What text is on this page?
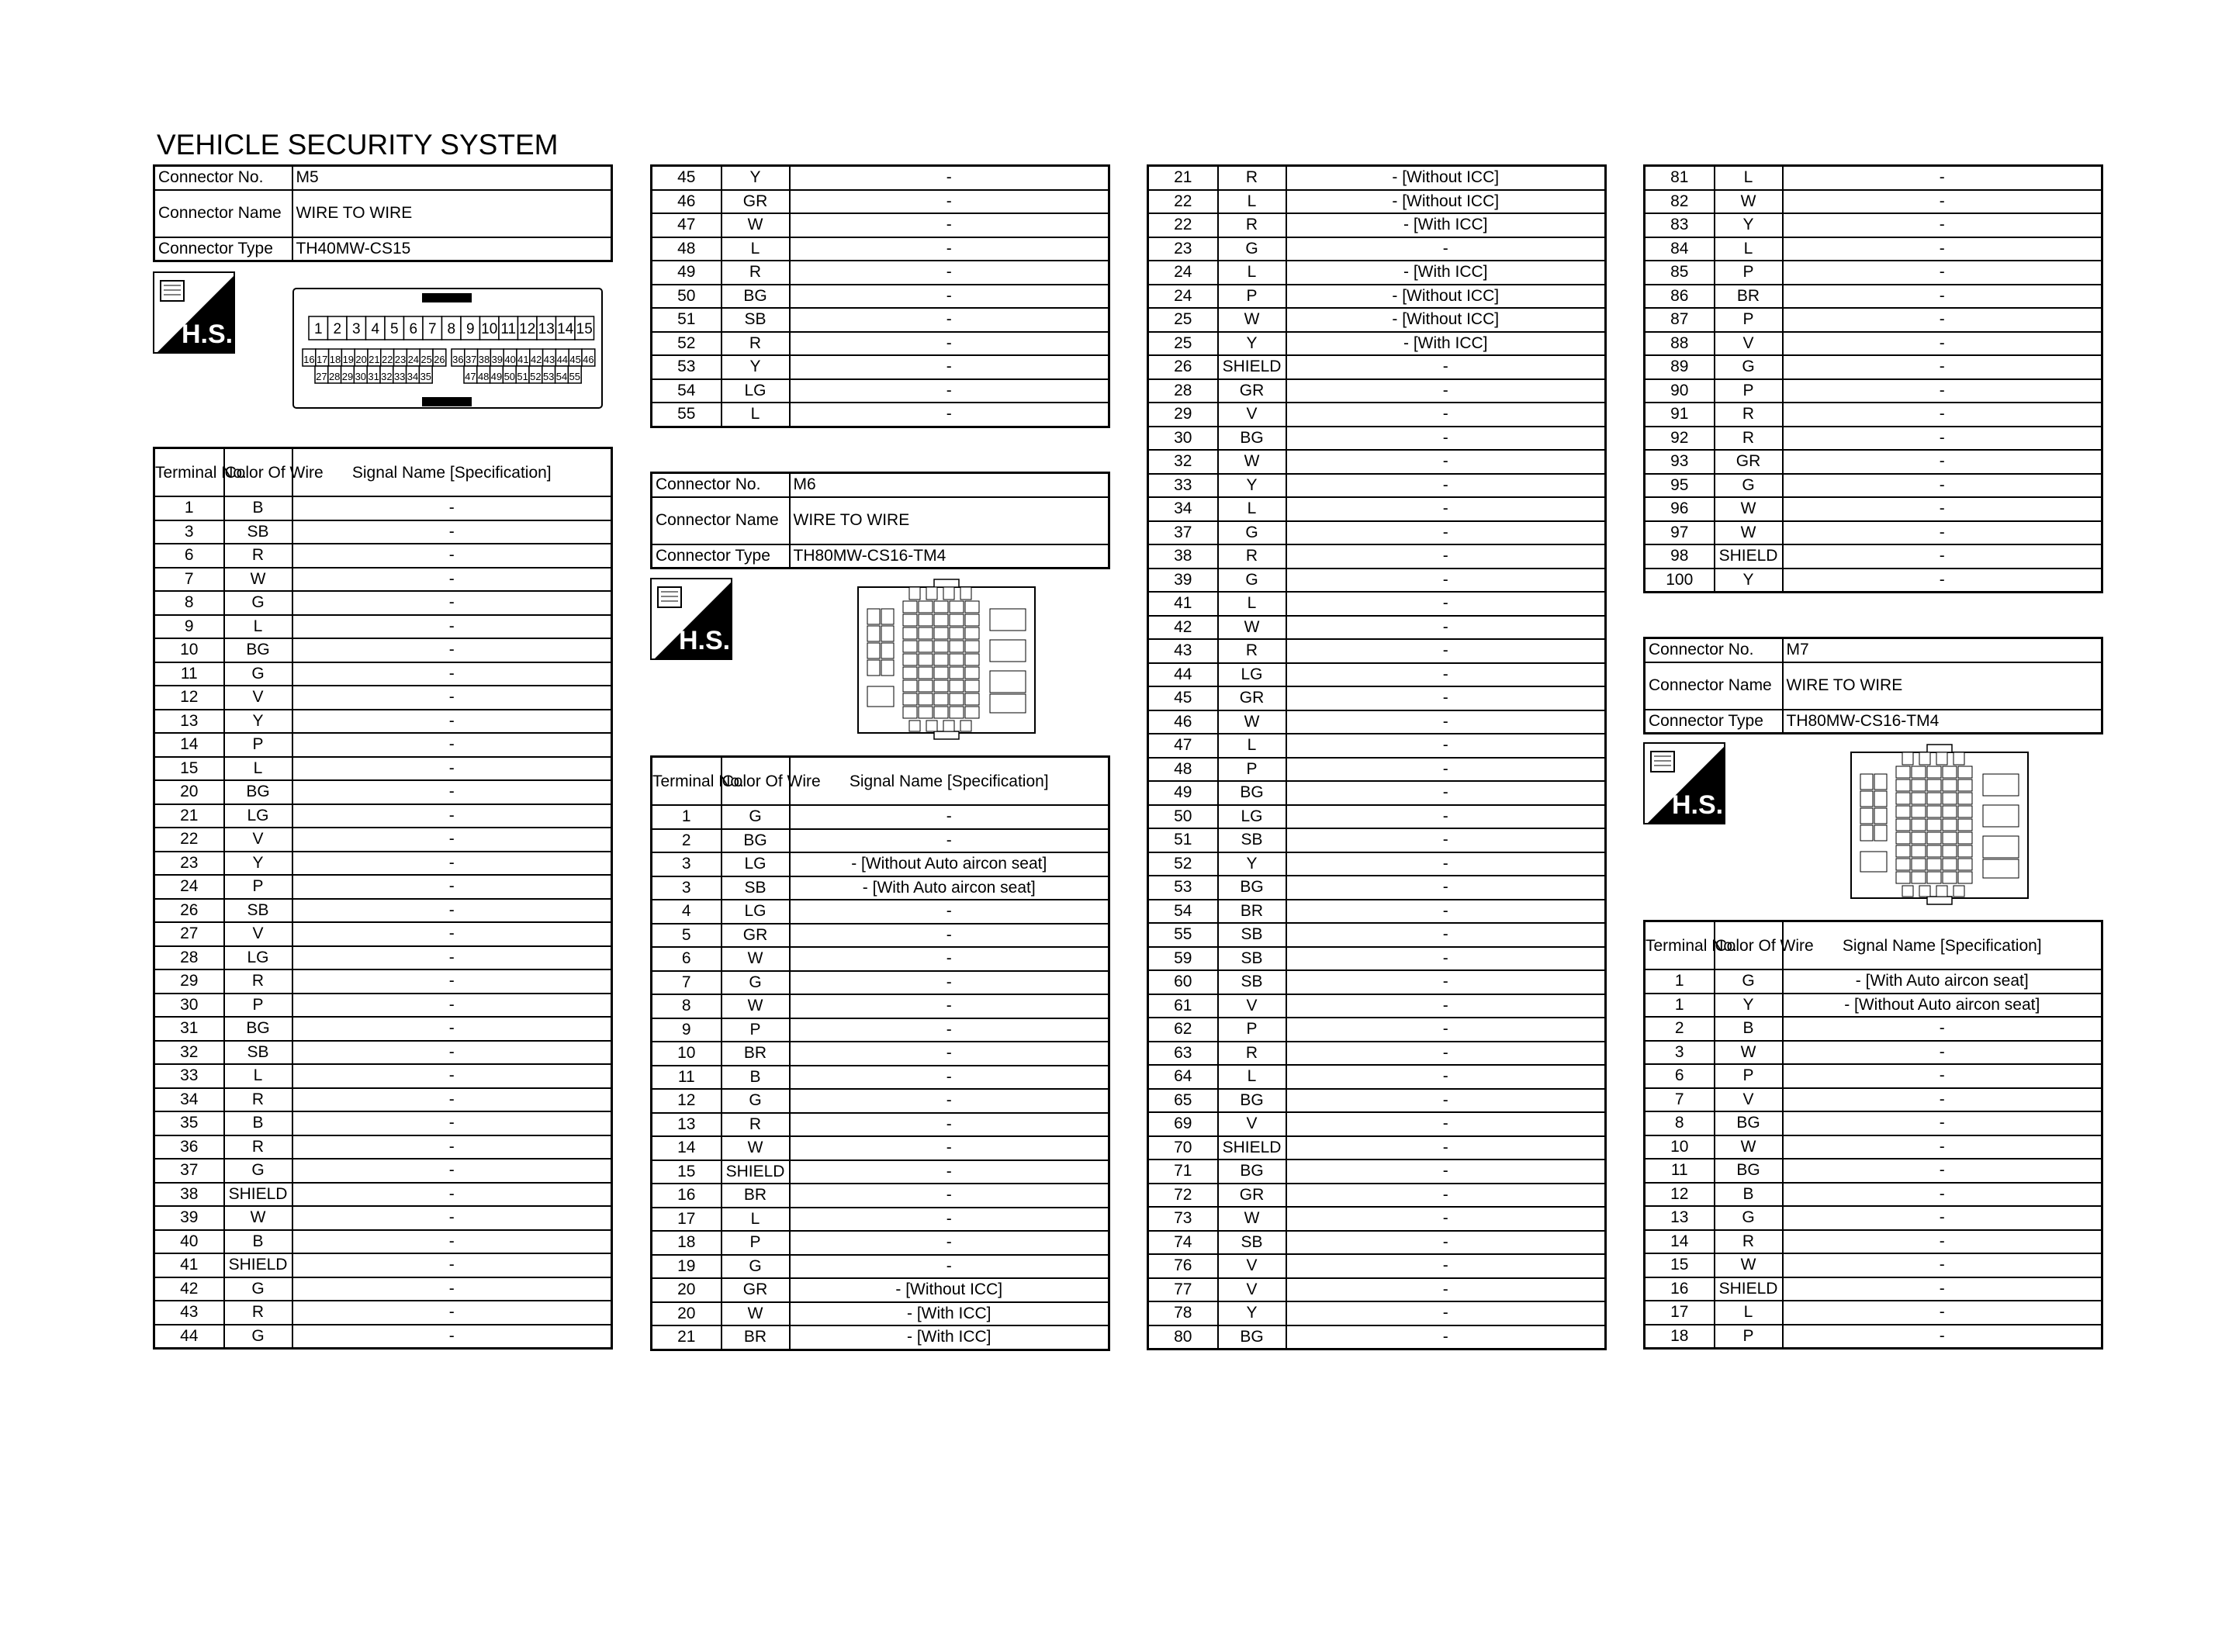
VEHICLE SECURITY SYSTEM
Connector No.	M5
Connector Name	WIRE TO WIRE
Connector Type	TH40MW-CS15
H.S.	1 2 3 4 5 6 7 8 9 10 11 12 13 14 15
16 17 18 19 20 21 22 23 24 25 26 36 37 38 39 40 41 42 43 44 45 46
27 28 29 30 31 32 33 34 35	47 48 49 50 51 52 53 54 55
Terminal No.	Color Of Wire	Signal Name [Specification]
1	B	-
3	SB	-
6	R	-
7	W	-
8	G	-
9	L	-
10	BG	-
11	G	-
12	V	-
13	Y	-
14	P	-
15	L	-
20	BG	-
21	LG	-
22	V	-
23	Y	-
24	P	-
26	SB	-
27	V	-
28	LG	-
29	R	-
30	P	-
31	BG	-
32	SB	-
33	L	-
34	R	-
35	B	-
36	R	-
37	G	-
38	SHIELD	-
39	W	-
40	B	-
41	SHIELD	-
42	G	-
43	R	-
44	G	-
45	Y	-
46	GR	-
47	W	-
48	L	-
49	R	-
50	BG	-
51	SB	-
52	R	-
53	Y	-
54	LG	-
55	L	-
Connector No.	M6
Connector Name	WIRE TO WIRE
Connector Type	TH80MW-CS16-TM4
H.S.
Terminal No.	Color Of Wire	Signal Name [Specification]
1	G	-
2	BG	-
3	LG	- [Without Auto aircon seat]
3	SB	- [With Auto aircon seat]
4	LG	-
5	GR	-
6	W	-
7	G	-
8	W	-
9	P	-
10	BR	-
11	B	-
12	G	-
13	R	-
14	W	-
15	SHIELD	-
16	BR	-
17	L	-
18	P	-
19	G	-
20	GR	- [Without ICC]
20	W	- [With ICC]
21	BR	- [With ICC]
21	R	- [Without ICC]
22	L	- [Without ICC]
22	R	- [With ICC]
23	G	-
24	L	- [With ICC]
24	P	- [Without ICC]
25	W	- [Without ICC]
25	Y	- [With ICC]
26	SHIELD	-
28	GR	-
29	V	-
30	BG	-
32	W	-
33	Y	-
34	L	-
37	G	-
38	R	-
39	G	-
41	L	-
42	W	-
43	R	-
44	LG	-
45	GR	-
46	W	-
47	L	-
48	P	-
49	BG	-
50	LG	-
51	SB	-
52	Y	-
53	BG	-
54	BR	-
55	SB	-
59	SB	-
60	SB	-
61	V	-
62	P	-
63	R	-
64	L	-
65	BG	-
69	V	-
70	SHIELD	-
71	BG	-
72	GR	-
73	W	-
74	SB	-
76	V	-
77	V	-
78	Y	-
80	BG	-
81	L	-
82	W	-
83	Y	-
84	L	-
85	P	-
86	BR	-
87	P	-
88	V	-
89	G	-
90	P	-
91	R	-
92	R	-
93	GR	-
95	G	-
96	W	-
97	W	-
98	SHIELD	-
100	Y	-
Connector No.	M7
Connector Name	WIRE TO WIRE
Connector Type	TH80MW-CS16-TM4
H.S.
Terminal No.	Color Of Wire	Signal Name [Specification]
1	G	- [With Auto aircon seat]
1	Y	- [Without Auto aircon seat]
2	B	-
3	W	-
6	P	-
7	V	-
8	BG	-
10	W	-
11	BG	-
12	B	-
13	G	-
14	R	-
15	W	-
16	SHIELD	-
17	L	-
18	P	-
